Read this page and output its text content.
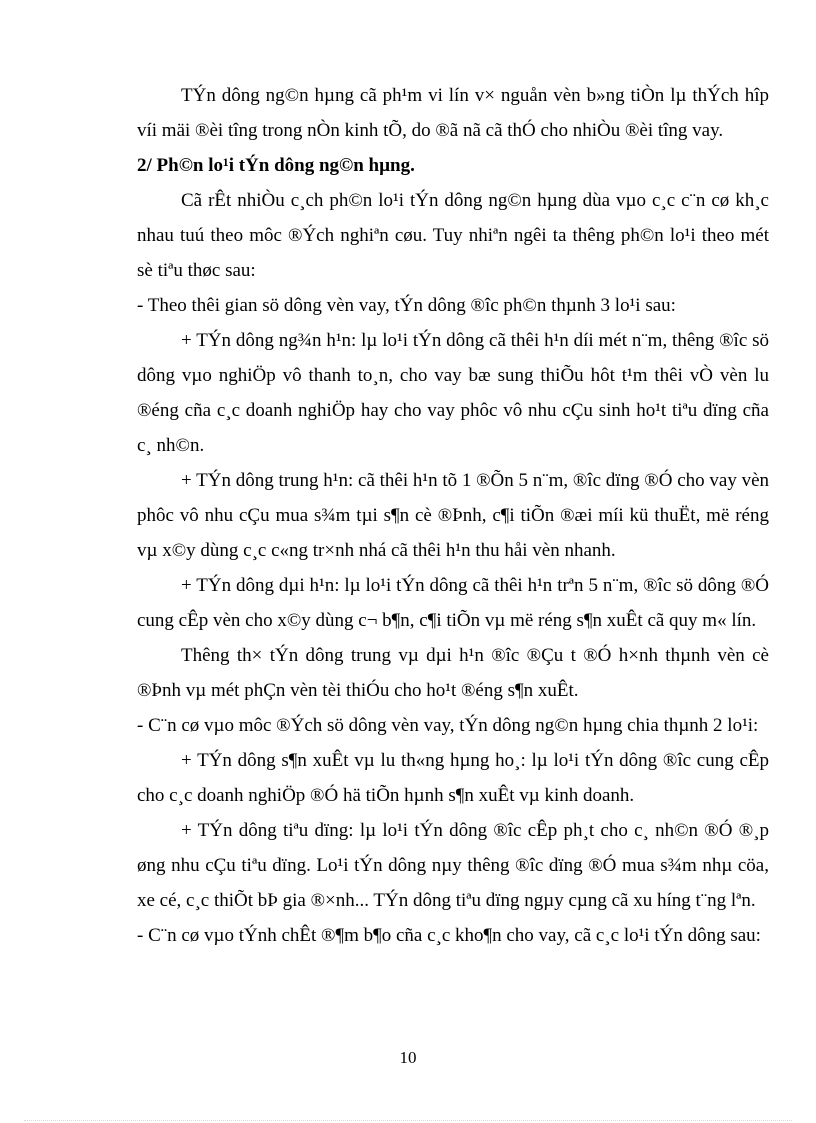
TÝn dông ng©n hµng cã ph¹m vi lín v× nguån vèn b»ng tiÒn lµ thÝch hîp víi mäi ®èi tîng trong nÒn kinh tÕ, do ®ã nã cã thÓ cho nhiÒu ®èi tîng vay.

2/ Ph©n lo¹i tÝn dông ng©n hµng.

Cã rÊt nhiÒu c¸ch ph©n lo¹i tÝn dông ng©n hµng dùa vµo c¸c c¨n cø kh¸c nhau tuú theo môc ®Ých nghiªn cøu. Tuy nhiªn ngêi ta thêng ph©n lo¹i theo mét sè tiªu thøc sau:

- Theo thêi gian sö dông vèn vay, tÝn dông ®îc ph©n thµnh 3 lo¹i sau:

+ TÝn dông ng¾n h¹n: lµ lo¹i tÝn dông cã thêi h¹n díi mét n¨m, thêng ®îc sö dông vµo nghiÖp vô thanh to¸n, cho vay bæ sung thiÕu hôt t¹m thêi vÒ vèn lu ®éng cña c¸c doanh nghiÖp hay cho vay phôc vô nhu cÇu sinh ho¹t tiªu dïng cña c¸ nh©n.

+ TÝn dông trung h¹n: cã thêi h¹n tõ 1 ®Õn 5 n¨m, ®îc dïng ®Ó cho vay vèn phôc vô nhu cÇu mua s¾m tµi s¶n cè ®Þnh, c¶i tiÕn ®æi míi kü thuËt, më réng vµ x©y dùng c¸c c«ng tr×nh nhá cã thêi h¹n thu håi vèn nhanh.

+ TÝn dông dµi h¹n: lµ lo¹i tÝn dông cã thêi h¹n trªn 5 n¨m, ®îc sö dông ®Ó cung cÊp vèn cho x©y dùng c¬ b¶n, c¶i tiÕn vµ më réng s¶n xuÊt cã quy m« lín.

Thêng th× tÝn dông trung vµ dµi h¹n ®îc ®Çu t ®Ó h×nh thµnh vèn cè ®Þnh vµ mét phÇn vèn tèi thiÓu cho ho¹t ®éng s¶n xuÊt.

- C¨n cø vµo môc ®Ých sö dông vèn vay, tÝn dông ng©n hµng chia thµnh 2 lo¹i:

+ TÝn dông s¶n xuÊt vµ lu th«ng hµng ho¸: lµ lo¹i tÝn dông ®îc cung cÊp cho c¸c doanh nghiÖp ®Ó hä tiÕn hµnh s¶n xuÊt vµ kinh doanh.

+ TÝn dông tiªu dïng: lµ lo¹i tÝn dông ®îc cÊp ph¸t cho c¸ nh©n ®Ó ®¸p øng nhu cÇu tiªu dïng. Lo¹i tÝn dông nµy thêng ®îc dïng ®Ó mua s¾m nhµ cöa, xe cé, c¸c thiÕt bÞ gia ®×nh... TÝn dông tiªu dïng ngµy cµng cã xu híng t¨ng lªn.

- C¨n cø vµo tÝnh chÊt ®¶m b¶o cña c¸c kho¶n cho vay, cã c¸c lo¹i tÝn dông sau:

10
